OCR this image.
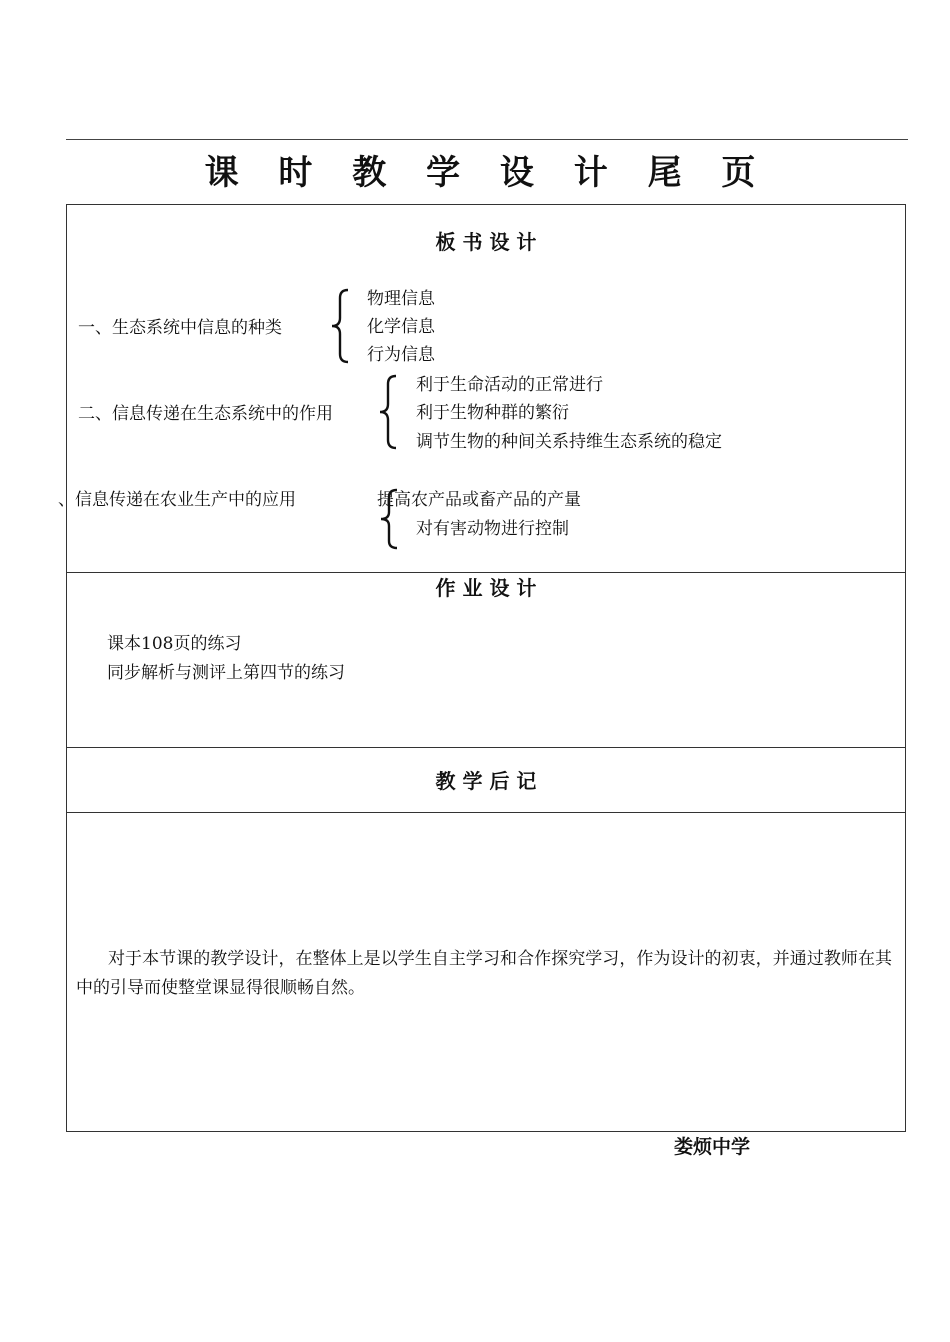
课 时 教 学 设 计 尾 页
板 书 设 计
一、生态系统中信息的种类
物理信息
化学信息
行为信息
二、信息传递在生态系统中的作用
利于生命活动的正常进行
利于生物种群的繁衍
调节生物的种间关系持维生态系统的稳定
、信息传递在农业生产中的应用	提高农产品或畜产品的产量
对有害动物进行控制
作 业 设 计
课本108页的练习
同步解析与测评上第四节的练习
教 学 后 记
对于本节课的教学设计，在整体上是以学生自主学习和合作探究学习，作为设计的初衷，并通过教师在其中的引导而使整堂课显得很顺畅自然。
娄烦中学
